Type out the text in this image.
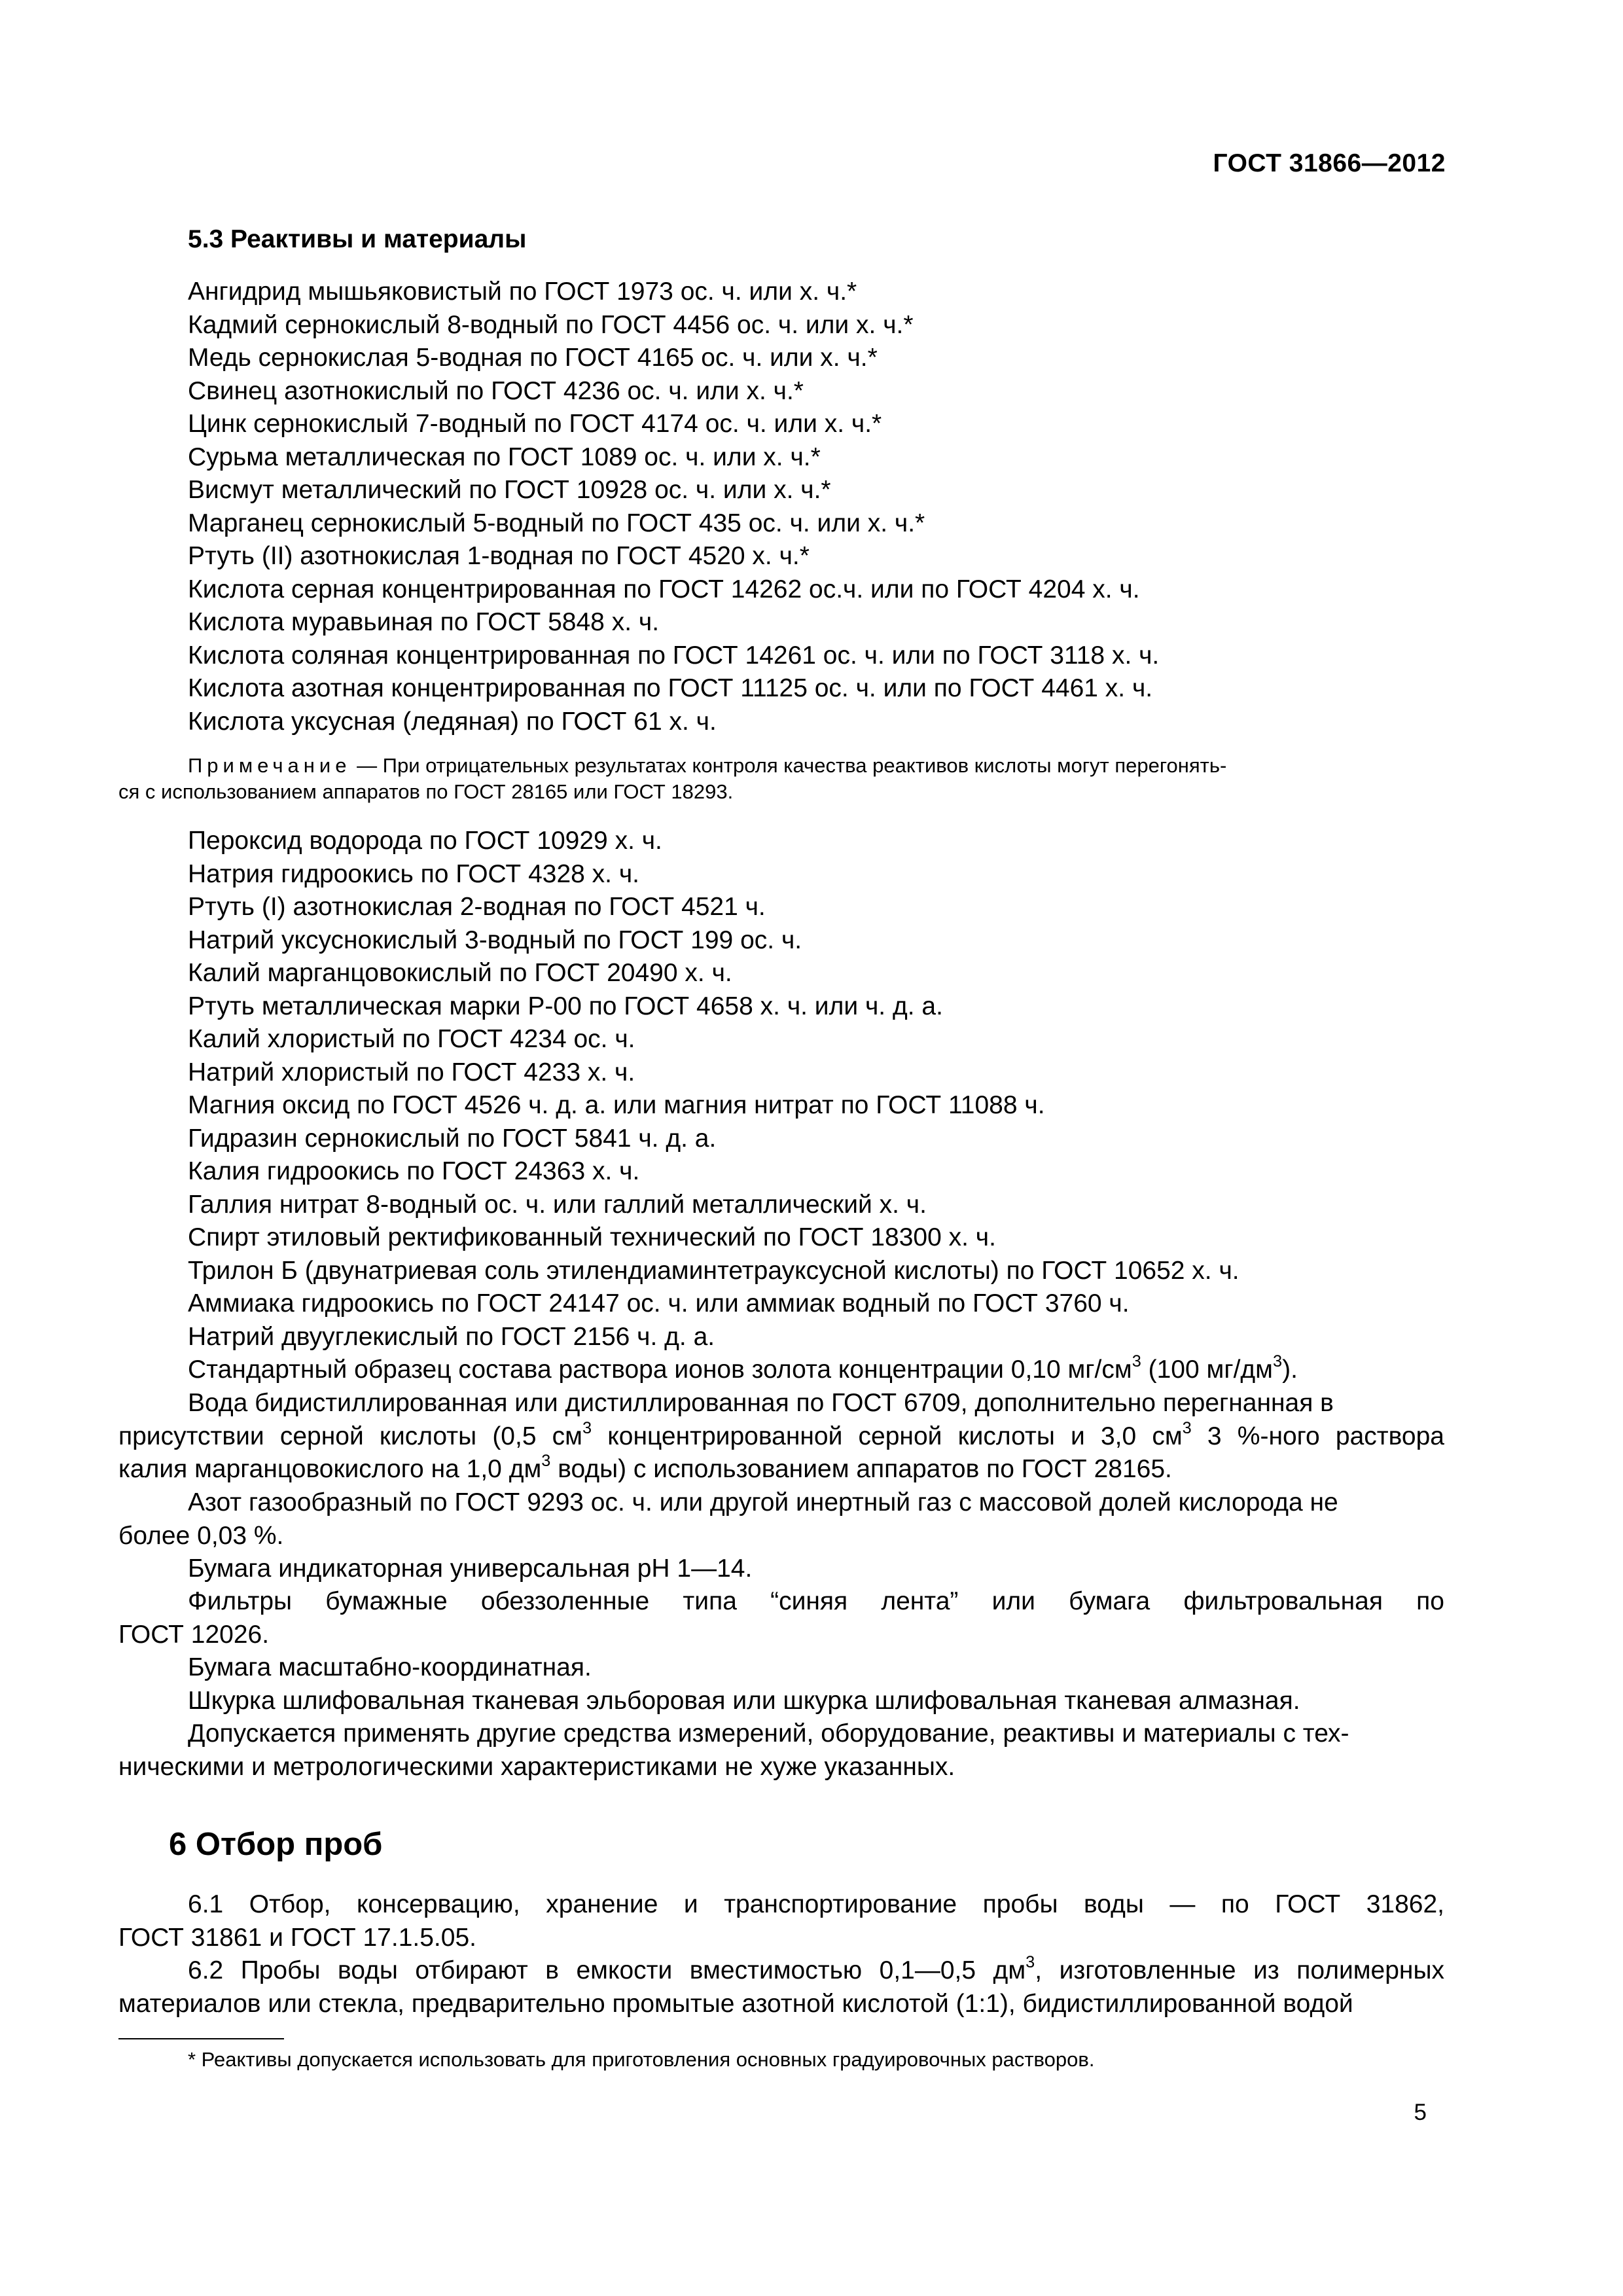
ГОСТ 31866—2012
5.3 Реактивы и материалы
Ангидрид мышьяковистый по ГОСТ 1973 ос. ч. или х. ч.*
Кадмий сернокислый 8-водный по ГОСТ 4456 ос. ч. или х. ч.*
Медь сернокислая 5-водная по ГОСТ 4165 ос. ч. или х. ч.*
Свинец азотнокислый по ГОСТ 4236 ос. ч. или х. ч.*
Цинк сернокислый 7-водный по ГОСТ 4174 ос. ч. или х. ч.*
Сурьма металлическая по ГОСТ 1089 ос. ч. или х. ч.*
Висмут металлический по ГОСТ 10928 ос. ч. или х. ч.*
Марганец сернокислый 5-водный по ГОСТ 435 ос. ч. или х. ч.*
Ртуть (II) азотнокислая 1-водная по ГОСТ 4520 х. ч.*
Кислота серная концентрированная по ГОСТ 14262 ос.ч. или по ГОСТ 4204 х. ч.
Кислота муравьиная по ГОСТ 5848 х. ч.
Кислота соляная концентрированная по ГОСТ 14261 ос. ч. или по ГОСТ 3118 х. ч.
Кислота азотная концентрированная по ГОСТ 11125 ос. ч. или по ГОСТ 4461 х. ч.
Кислота уксусная (ледяная) по ГОСТ 61 х. ч.
Примечание — При отрицательных результатах контроля качества реактивов кислоты могут перегонять-
ся с использованием аппаратов по ГОСТ 28165 или ГОСТ 18293.
Пероксид водорода по ГОСТ 10929 х. ч.
Натрия гидроокись по ГОСТ 4328 х. ч.
Ртуть (I) азотнокислая 2-водная по ГОСТ 4521 ч.
Натрий уксуснокислый 3-водный по ГОСТ 199 ос. ч.
Калий марганцовокислый по ГОСТ 20490 х. ч.
Ртуть металлическая марки Р-00 по ГОСТ 4658 х. ч. или ч. д. а.
Калий хлористый по ГОСТ 4234 ос. ч.
Натрий хлористый по ГОСТ 4233 х. ч.
Магния оксид по ГОСТ 4526 ч. д. а. или магния нитрат по ГОСТ 11088 ч.
Гидразин сернокислый по ГОСТ 5841 ч. д. а.
Калия гидроокись по ГОСТ 24363 х. ч.
Галлия нитрат 8-водный ос. ч. или галлий металлический х. ч.
Спирт этиловый ректификованный технический по ГОСТ 18300 х. ч.
Трилон Б (двунатриевая соль этилендиаминтетрауксусной кислоты) по ГОСТ 10652 х. ч.
Аммиака гидроокись по ГОСТ 24147 ос. ч. или аммиак водный по ГОСТ 3760 ч.
Натрий двууглекислый по ГОСТ 2156 ч. д. а.
Стандартный образец состава раствора ионов золота концентрации 0,10 $мг/см^3$ (100 $мг/дм^3$).
Вода бидистиллированная или дистиллированная по ГОСТ 6709, дополнительно перегнанная в
присутствии серной кислоты (0,5 $см^3$ концентрированной серной кислоты и 3,0 $см^3$ 3 %-ного раствора
калия марганцовокислого на 1,0 $дм^3$ воды) с использованием аппаратов по ГОСТ 28165.
Азот газообразный по ГОСТ 9293 ос. ч. или другой инертный газ с массовой долей кислорода не
более 0,03 %.
Бумага индикаторная универсальная рН 1—14.
Фильтры бумажные обеззоленные типа “синяя лента” или бумага фильтровальная по
ГОСТ 12026.
Бумага масштабно-координатная.
Шкурка шлифовальная тканевая эльборовая или шкурка шлифовальная тканевая алмазная.
Допускается применять другие средства измерений, оборудование, реактивы и материалы с тех-
ническими и метрологическими характеристиками не хуже указанных.
6 Отбор проб
6.1 Отбор, консервацию, хранение и транспортирование пробы воды — по ГОСТ 31862,
ГОСТ 31861 и ГОСТ 17.1.5.05.
6.2 Пробы воды отбирают в емкости вместимостью 0,1—0,5 $дм^3$, изготовленные из полимерных
материалов или стекла, предварительно промытые азотной кислотой (1:1), бидистиллированной водой
* Реактивы допускается использовать для приготовления основных градуировочных растворов.
5
